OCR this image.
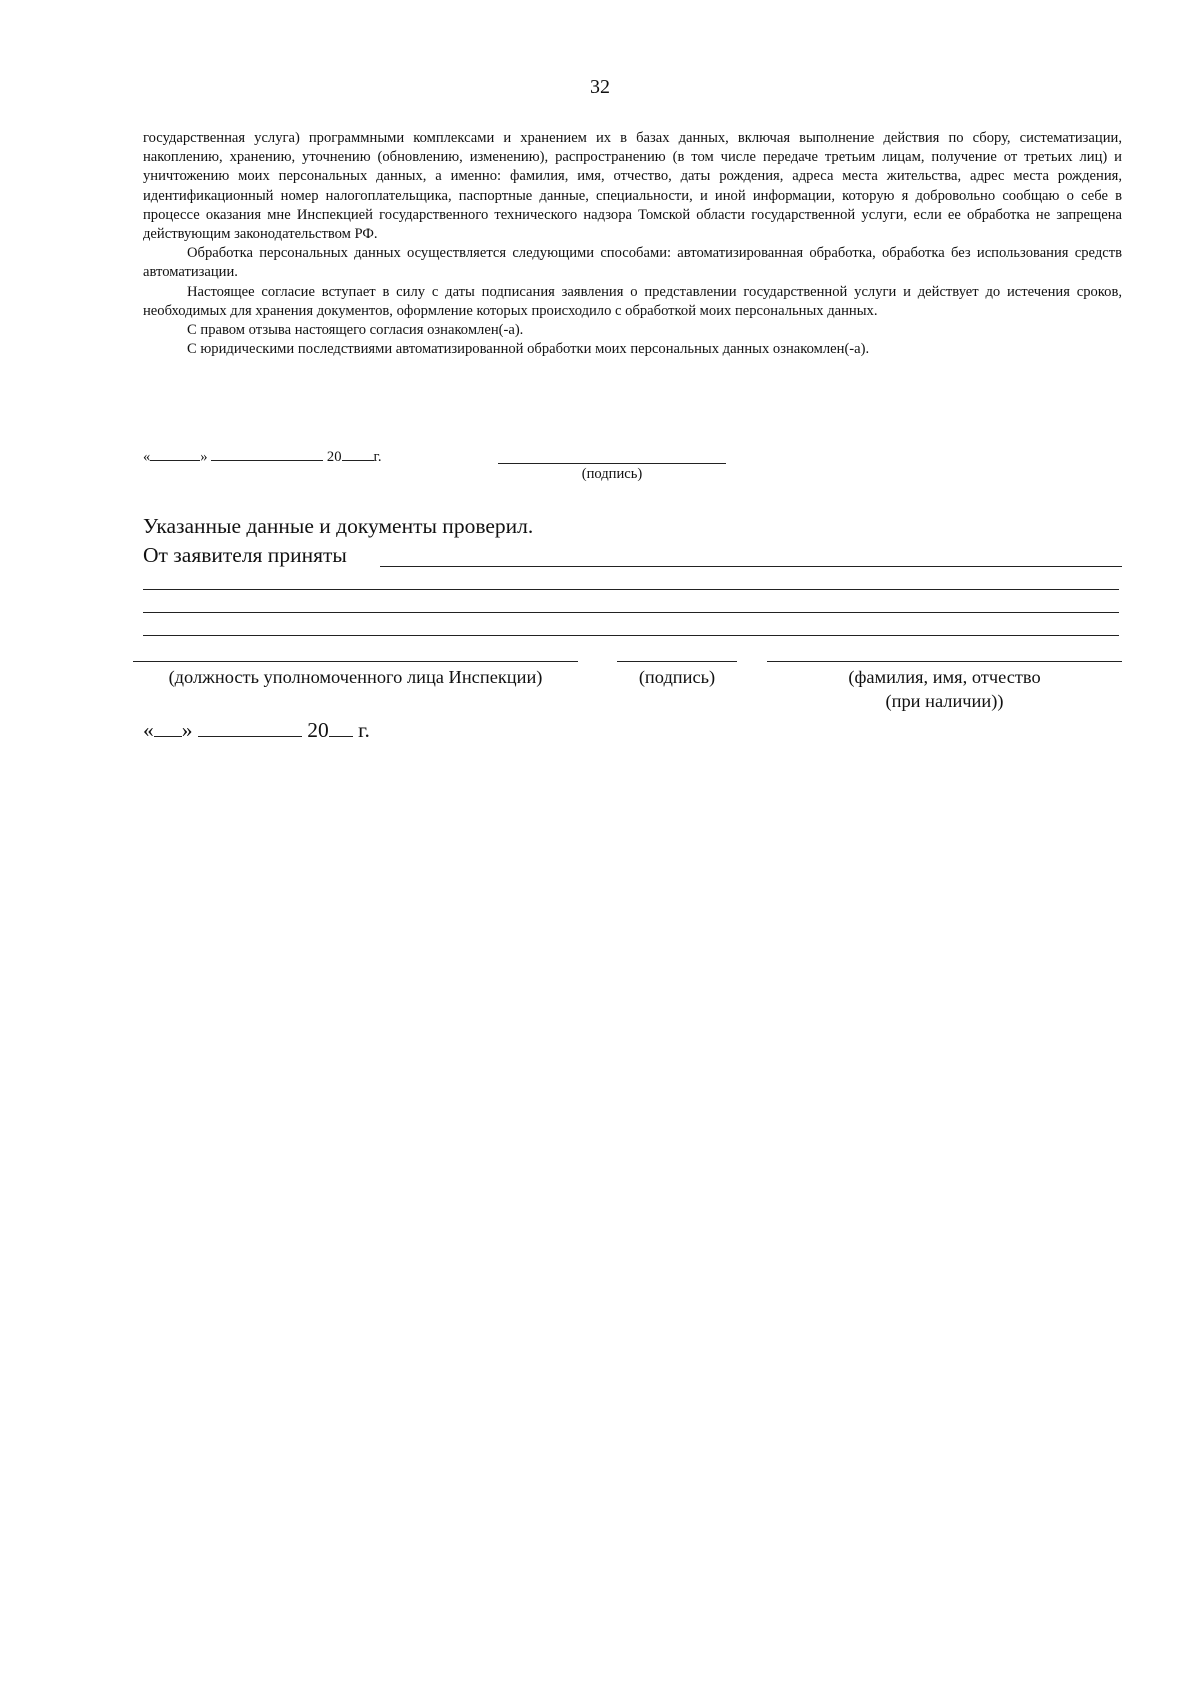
32

государственная услуга) программными комплексами и хранением их в базах данных, включая выполнение действия по сбору, систематизации, накоплению, хранению, уточнению (обновлению, изменению), распространению (в том числе передаче третьим лицам, получение от третьих лиц) и уничтожению моих персональных данных, а именно: фамилия, имя, отчество, даты рождения, адреса места жительства, адрес места рождения, идентификационный номер налогоплательщика, паспортные данные, специальности, и иной информации, которую я добровольно сообщаю о себе в процессе оказания мне Инспекцией государственного технического надзора Томской области государственной услуги, если ее обработка не запрещена действующим законодательством РФ.

Обработка персональных данных осуществляется следующими способами: автоматизированная обработка, обработка без использования средств автоматизации.

Настоящее согласие вступает в силу с даты подписания заявления о представлении государственной услуги и действует до истечения сроков, необходимых для хранения документов, оформление которых происходило с обработкой моих персональных данных.

С правом отзыва настоящего согласия ознакомлен(-а).

С юридическими последствиями автоматизированной обработки моих персональных данных ознакомлен(-а).

«	»	20 г.
(подпись)
Указанные данные и документы проверил.
От заявителя приняты
(должность уполномоченного лица Инспекции)	(подпись)	(фамилия, имя, отчество
(при наличии))
« »	20 г.
